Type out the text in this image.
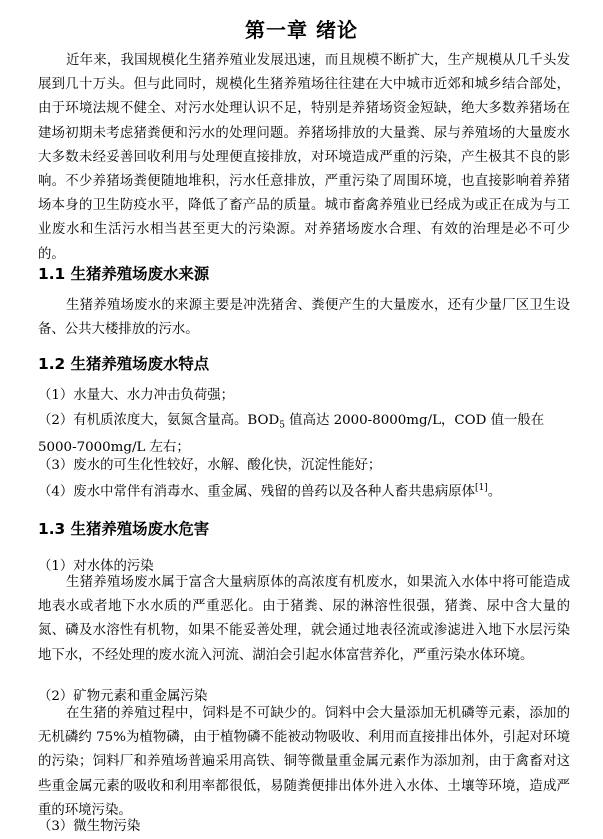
第一章 绪论

近年来，我国规模化生猪养殖业发展迅速，而且规模不断扩大，生产规模从几千头发展到几十万头。但与此同时，规模化生猪养殖场往往建在大中城市近郊和城乡结合部处，由于环境法规不健全、对污水处理认识不足，特别是养猪场资金短缺，绝大多数养猪场在建场初期未考虑猪粪便和污水的处理问题。养猪场排放的大量粪、尿与养殖场的大量废水大多数未经妥善回收利用与处理便直接排放，对环境造成严重的污染，产生极其不良的影响。不少养猪场粪便随地堆积，污水任意排放，严重污染了周围环境，也直接影响着养猪场本身的卫生防疫水平，降低了畜产品的质量。城市畜禽养殖业已经成为或正在成为与工业废水和生活污水相当甚至更大的污染源。对养猪场废水合理、有效的治理是必不可少的。

1.1 生猪养殖场废水来源

生猪养殖场废水的来源主要是冲洗猪舍、粪便产生的大量废水，还有少量厂区卫生设备、公共大楼排放的污水。

1.2 生猪养殖场废水特点

（1）水量大、水力冲击负荷强；

（2）有机质浓度大，氨氮含量高。$BOD_5$ 值高达 2000-8000mg/L，COD 值一般在 5000-7000mg/L 左右；

（3）废水的可生化性较好，水解、酸化快，沉淀性能好；

（4）废水中常伴有消毒水、重金属、残留的兽药以及各种人畜共患病原体[1]。

1.3 生猪养殖场废水危害

（1）对水体的污染

生猪养殖场废水属于富含大量病原体的高浓度有机废水，如果流入水体中将可能造成地表水或者地下水水质的严重恶化。由于猪粪、尿的淋溶性很强，猪粪、尿中含大量的氮、磷及水溶性有机物，如果不能妥善处理，就会通过地表径流或渗滤进入地下水层污染地下水，不经处理的废水流入河流、湖泊会引起水体富营养化，严重污染水体环境。

（2）矿物元素和重金属污染

在生猪的养殖过程中，饲料是不可缺少的。饲料中会大量添加无机磷等元素，添加的无机磷约 75%为植物磷，由于植物磷不能被动物吸收、利用而直接排出体外，引起对环境的污染；饲料厂和养殖场普遍采用高铁、铜等微量重金属元素作为添加剂，由于禽畜对这些重金属元素的吸收和利用率都很低，易随粪便排出体外进入水体、土壤等环境，造成严重的环境污染。

（3）微生物污染
